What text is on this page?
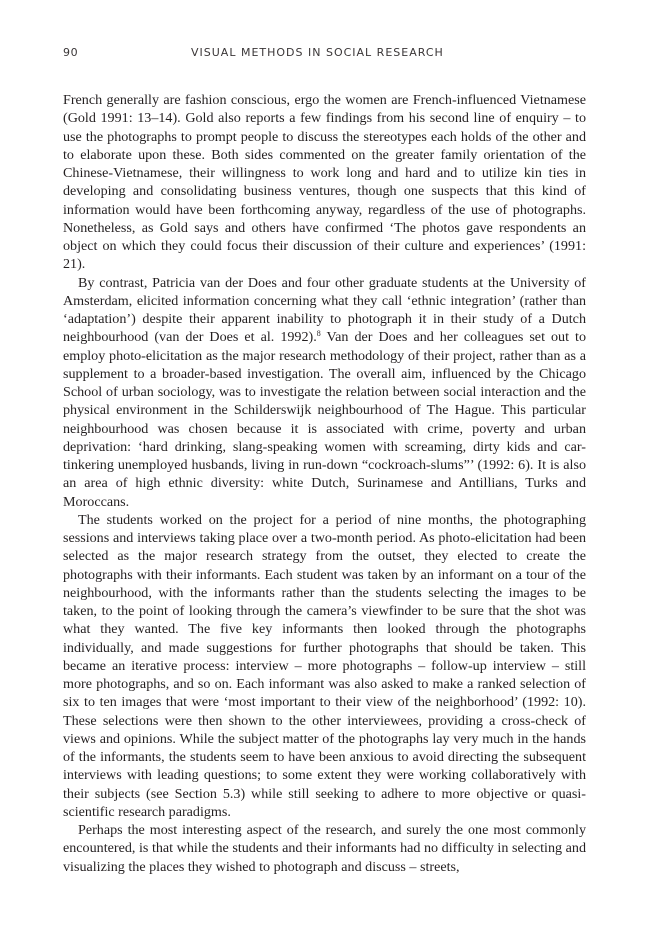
90	VISUAL METHODS IN SOCIAL RESEARCH

French generally are fashion conscious, ergo the women are French-influenced Vietnamese (Gold 1991: 13–14). Gold also reports a few findings from his second line of enquiry – to use the photographs to prompt people to discuss the stereotypes each holds of the other and to elaborate upon these. Both sides commented on the greater family orientation of the Chinese-Vietnamese, their willingness to work long and hard and to utilize kin ties in developing and consolidating business ventures, though one suspects that this kind of information would have been forthcoming anyway, regardless of the use of photographs. Nonetheless, as Gold says and others have confirmed ‘The photos gave respondents an object on which they could focus their discussion of their culture and experiences’ (1991: 21).

By contrast, Patricia van der Does and four other graduate students at the University of Amsterdam, elicited information concerning what they call ‘ethnic integration’ (rather than ‘adaptation’) despite their apparent inability to photograph it in their study of a Dutch neighbourhood (van der Does et al. 1992).$^8$ Van der Does and her colleagues set out to employ photo-elicitation as the major research methodology of their project, rather than as a supplement to a broader-based investigation. The overall aim, influenced by the Chicago School of urban sociology, was to investigate the relation between social interaction and the physical environment in the Schilderswijk neighbourhood of The Hague. This particular neighbourhood was chosen because it is associated with crime, poverty and urban deprivation: ‘hard drinking, slang-speaking women with screaming, dirty kids and car-tinkering unemployed husbands, living in run-down “cockroach-slums”’ (1992: 6). It is also an area of high ethnic diversity: white Dutch, Surinamese and Antillians, Turks and Moroccans.

The students worked on the project for a period of nine months, the photographing sessions and interviews taking place over a two-month period. As photo-elicitation had been selected as the major research strategy from the outset, they elected to create the photographs with their informants. Each student was taken by an informant on a tour of the neighbourhood, with the informants rather than the students selecting the images to be taken, to the point of looking through the camera’s viewfinder to be sure that the shot was what they wanted. The five key informants then looked through the photographs individually, and made suggestions for further photographs that should be taken. This became an iterative process: interview – more photographs – follow-up interview – still more photographs, and so on. Each informant was also asked to make a ranked selection of six to ten images that were ‘most important to their view of the neighborhood’ (1992: 10). These selections were then shown to the other interviewees, providing a cross-check of views and opinions. While the subject matter of the photographs lay very much in the hands of the informants, the students seem to have been anxious to avoid directing the subsequent interviews with leading questions; to some extent they were working collaboratively with their subjects (see Section 5.3) while still seeking to adhere to more objective or quasi-scientific research paradigms.

Perhaps the most interesting aspect of the research, and surely the one most commonly encountered, is that while the students and their informants had no difficulty in selecting and visualizing the places they wished to photograph and discuss – streets,
